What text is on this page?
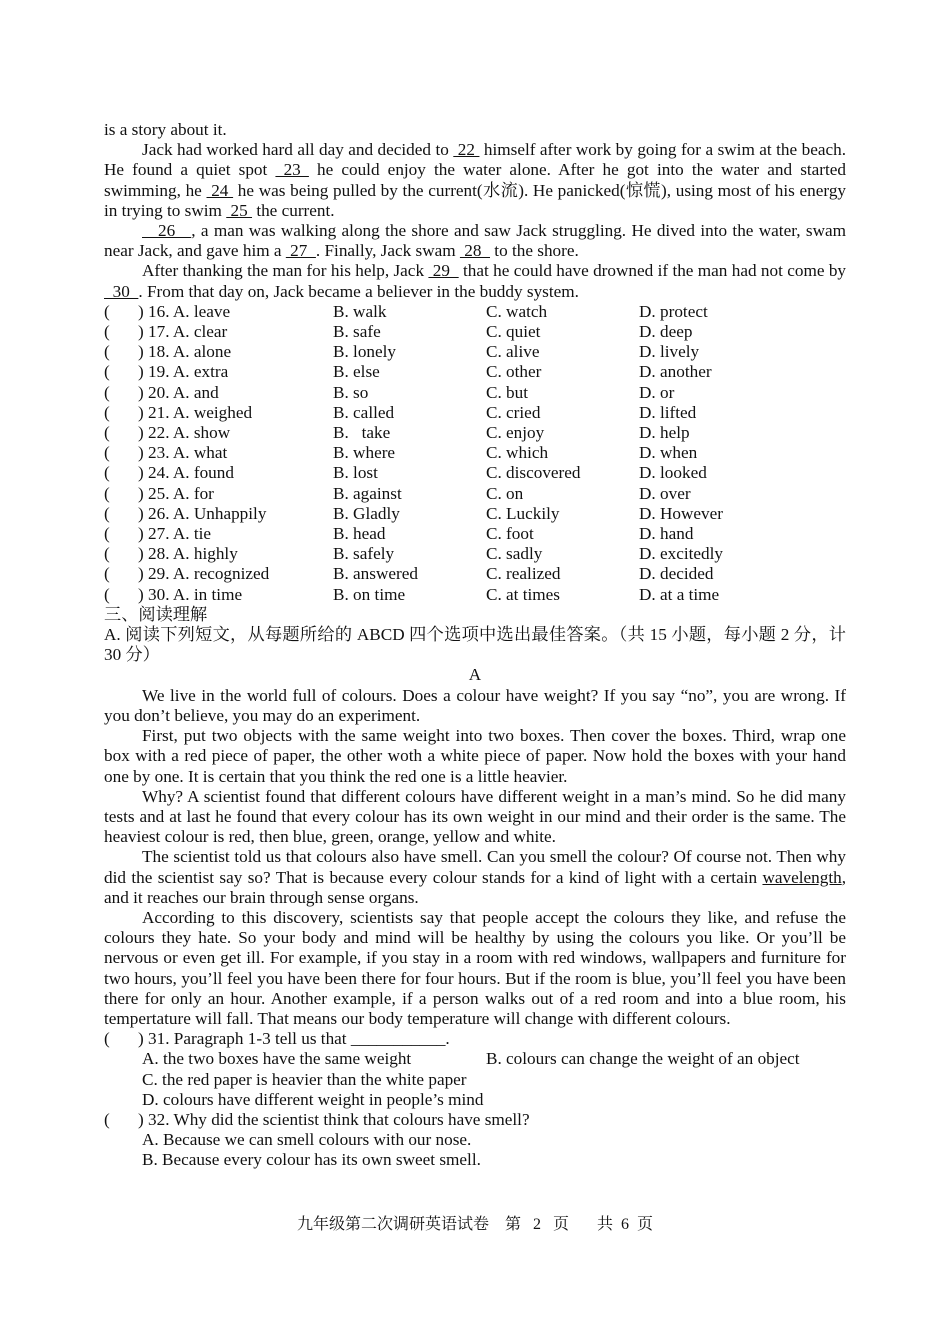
is a story about it.

Jack had worked hard all day and decided to  22  himself after work by going for a swim at the beach. He found a quiet spot  23  he could enjoy the water alone. After he got into the water and started swimming, he  24  he was being pulled by the current(水流). He panicked(惊慌), using most of his energy in trying to swim  25  the current.

26   , a man was walking along the shore and saw Jack struggling. He dived into the water, swam near Jack, and gave him a  27  . Finally, Jack swam  28   to the shore.

After thanking the man for his help, Jack  29   that he could have drowned if the man had not come by   30  . From that day on, Jack became a believer in the buddy system.

(	) 16. A. leave	B. walk	C. watch	D. protect
(	) 17. A. clear	B. safe	C. quiet	D. deep
(	) 18. A. alone	B. lonely	C. alive	D. lively
(	) 19. A. extra	B. else	C. other	D. another
(	) 20. A. and	B. so	C. but	D. or
(	) 21. A. weighed	B. called	C. cried	D. lifted
(	) 22. A. show	B.   take	C. enjoy	D. help
(	) 23. A. what	B. where	C. which	D. when
(	) 24. A. found	B. lost	C. discovered	D. looked
(	) 25. A. for	B. against	C. on	D. over
(	) 26. A. Unhappily	B. Gladly	C. Luckily	D. However
(	) 27. A. tie	B. head	C. foot	D. hand
(	) 28. A. highly	B. safely	C. sadly	D. excitedly
(	) 29. A. recognized	B. answered	C. realized	D. decided
(	) 30. A. in time	B. on time	C. at times	D. at a time

三、阅读理解

A. 阅读下列短文，从每题所给的 ABCD 四个选项中选出最佳答案。（共 15 小题，每小题 2 分，计 30 分）

A

We live in the world full of colours. Does a colour have weight? If you say “no”, you are wrong. If you don’t believe, you may do an experiment.

First, put two objects with the same weight into two boxes. Then cover the boxes. Third, wrap one box with a red piece of paper, the other woth a white piece of paper. Now hold the boxes with your hand one by one. It is certain that you think the red one is a little heavier.

Why? A scientist found that different colours have different weight in a man’s mind. So he did many tests and at last he found that every colour has its own weight in our mind and their order is the same. The heaviest colour is red, then blue, green, orange, yellow and white.

The scientist told us that colours also have smell. Can you smell the colour? Of course not. Then why did the scientist say so? That is because every colour stands for a kind of light with a certain wavelength, and it reaches our brain through sense organs.

According to this discovery, scientists say that people accept the colours they like, and refuse the colours they hate. So your body and mind will be healthy by using the colours you like. Or you’ll be nervous or even get ill. For example, if you stay in a room with red windows, wallpapers and furniture for two hours, you’ll feel you have been there for four hours. But if the room is blue, you’ll feel you have been there for only an hour. Another example, if a person walks out of a red room and into a blue room, his tempertature will fall. That means our body temperature will change with different colours.

(	) 31. Paragraph 1-3 tell us that ___________.
A. the two boxes have the same weight	B. colours can change the weight of an object

C. the red paper is heavier than the white paper

D. colours have different weight in people’s mind

(	) 32. Why did the scientist think that colours have smell?

A. Because we can smell colours with our nose.

B. Because every colour has its own sweet smell.

九年级第二次调研英语试卷    第   2   页       共  6  页
